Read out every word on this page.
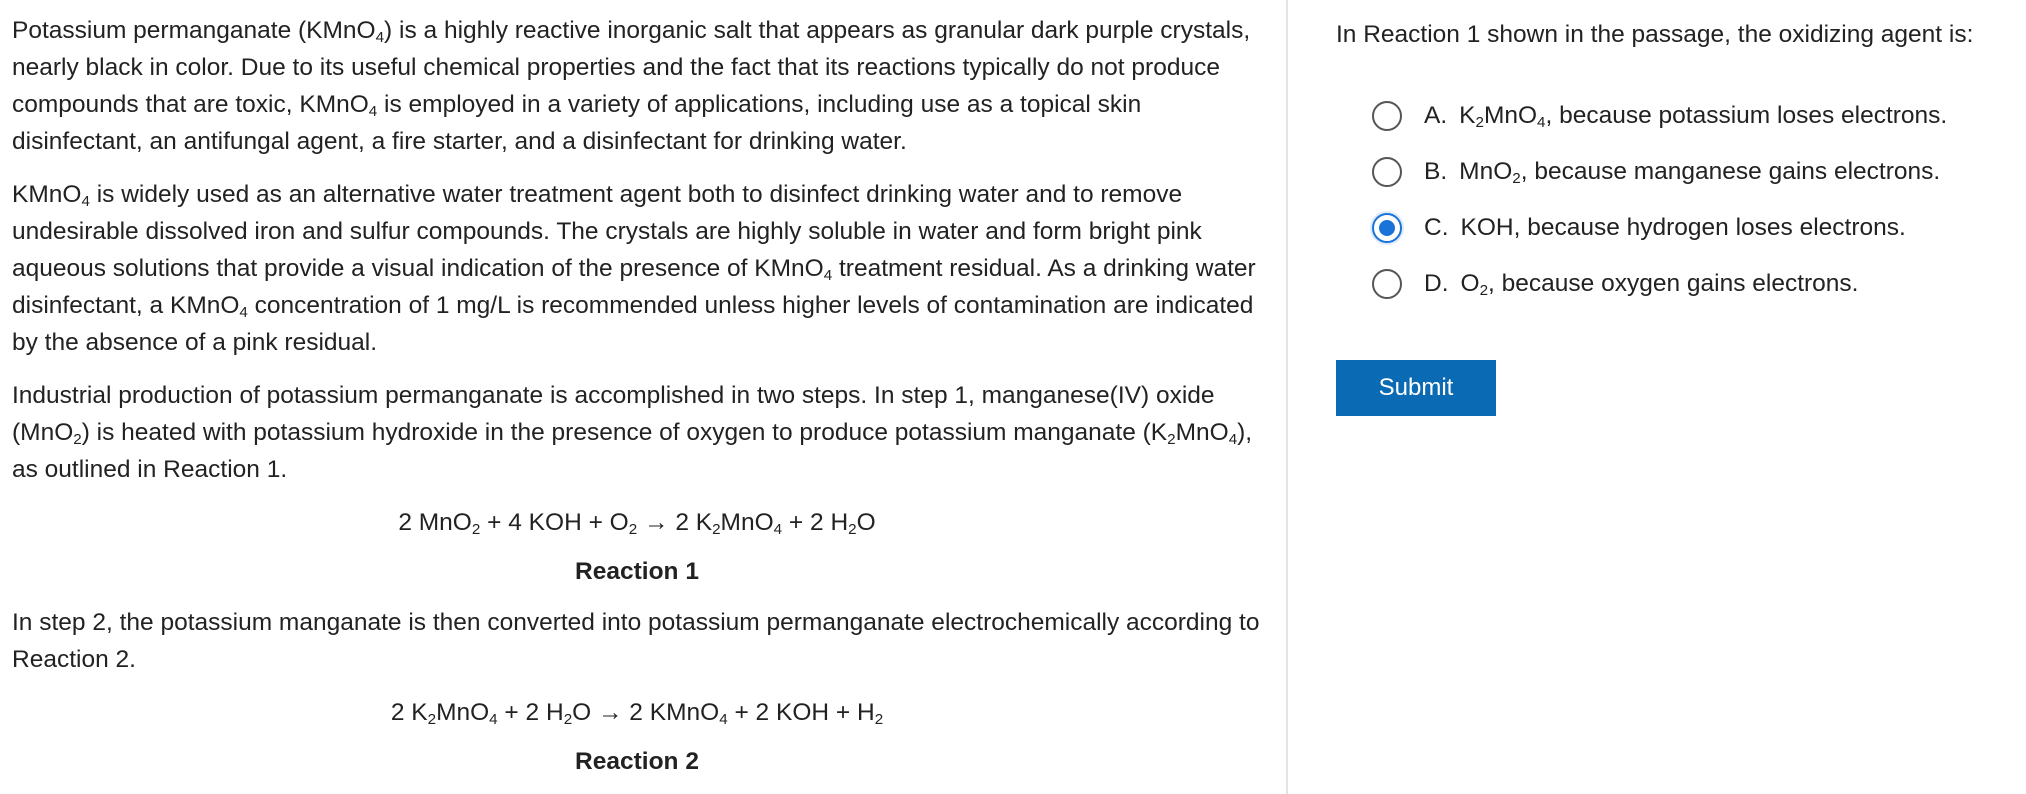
Potassium permanganate (KMnO$_4$) is a highly reactive inorganic salt that appears as granular dark purple crystals, nearly black in color. Due to its useful chemical properties and the fact that its reactions typically do not produce compounds that are toxic, KMnO$_4$ is employed in a variety of applications, including use as a topical skin disinfectant, an antifungal agent, a fire starter, and a disinfectant for drinking water.

KMnO$_4$ is widely used as an alternative water treatment agent both to disinfect drinking water and to remove undesirable dissolved iron and sulfur compounds. The crystals are highly soluble in water and form bright pink aqueous solutions that provide a visual indication of the presence of KMnO$_4$ treatment residual. As a drinking water disinfectant, a KMnO$_4$ concentration of 1 mg/L is recommended unless higher levels of contamination are indicated by the absence of a pink residual.

Industrial production of potassium permanganate is accomplished in two steps. In step 1, manganese(IV) oxide (MnO$_2$) is heated with potassium hydroxide in the presence of oxygen to produce potassium manganate $(K_2MnO_4)$, as outlined in Reaction 1.

2 MnO$_2$ + 4 KOH + $O_2 \to 2$ $K_2MnO_4 + 2$ $H_2O$
Reaction 1

In step 2, the potassium manganate is then converted into potassium permanganate electrochemically according to Reaction 2.

2 $K_2MnO_4 + 2$ $H_2O \to 2$ KMnO$_4$ + 2 KOH + $H_2$
Reaction 2
In Reaction 1 shown in the passage, the oxidizing agent is:
A. $K_2MnO_4$, because potassium loses electrons.
B. MnO$_2$, because manganese gains electrons.
C. KOH, because hydrogen loses electrons.
D. $O_2$, because oxygen gains electrons.
Submit
